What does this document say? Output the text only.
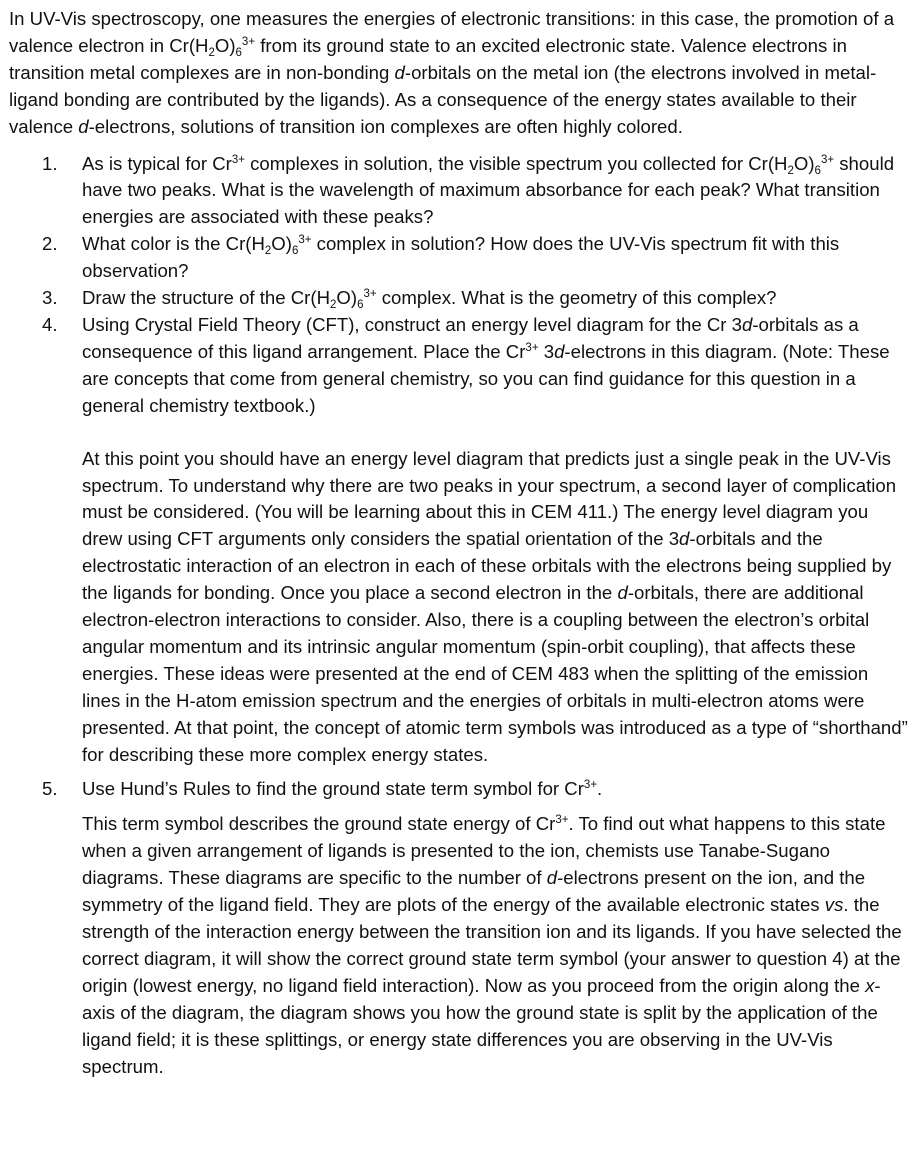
In UV-Vis spectroscopy, one measures the energies of electronic transitions: in this case, the promotion of a valence electron in $Cr(H_2O)_6^{3+}$ from its ground state to an excited electronic state. Valence electrons in transition metal complexes are in non-bonding d-orbitals on the metal ion (the electrons involved in metal-ligand bonding are contributed by the ligands). As a consequence of the energy states available to their valence d-electrons, solutions of transition ion complexes are often highly colored.

1. As is typical for $Cr^{3+}$ complexes in solution, the visible spectrum you collected for $Cr(H_2O)_6^{3+}$ should have two peaks. What is the wavelength of maximum absorbance for each peak? What transition energies are associated with these peaks?
2. What color is the $Cr(H_2O)_6^{3+}$ complex in solution? How does the UV-Vis spectrum fit with this observation?
3. Draw the structure of the $Cr(H_2O)_6^{3+}$ complex. What is the geometry of this complex?
4. Using Crystal Field Theory (CFT), construct an energy level diagram for the Cr 3d-orbitals as a consequence of this ligand arrangement. Place the $Cr^{3+}$ 3d-electrons in this diagram. (Note: These are concepts that come from general chemistry, so you can find guidance for this question in a general chemistry textbook.)

At this point you should have an energy level diagram that predicts just a single peak in the UV-Vis spectrum. To understand why there are two peaks in your spectrum, a second layer of complication must be considered. (You will be learning about this in CEM 411.) The energy level diagram you drew using CFT arguments only considers the spatial orientation of the 3d-orbitals and the electrostatic interaction of an electron in each of these orbitals with the electrons being supplied by the ligands for bonding. Once you place a second electron in the d-orbitals, there are additional electron-electron interactions to consider. Also, there is a coupling between the electron’s orbital angular momentum and its intrinsic angular momentum (spin-orbit coupling), that affects these energies. These ideas were presented at the end of CEM 483 when the splitting of the emission lines in the H-atom emission spectrum and the energies of orbitals in multi-electron atoms were presented. At that point, the concept of atomic term symbols was introduced as a type of “shorthand” for describing these more complex energy states.

5. Use Hund’s Rules to find the ground state term symbol for $Cr^{3+}$.

This term symbol describes the ground state energy of $Cr^{3+}$. To find out what happens to this state when a given arrangement of ligands is presented to the ion, chemists use Tanabe-Sugano diagrams. These diagrams are specific to the number of d-electrons present on the ion, and the symmetry of the ligand field. They are plots of the energy of the available electronic states vs. the strength of the interaction energy between the transition ion and its ligands. If you have selected the correct diagram, it will show the correct ground state term symbol (your answer to question 4) at the origin (lowest energy, no ligand field interaction). Now as you proceed from the origin along the x-axis of the diagram, the diagram shows you how the ground state is split by the application of the ligand field; it is these splittings, or energy state differences you are observing in the UV-Vis spectrum.
